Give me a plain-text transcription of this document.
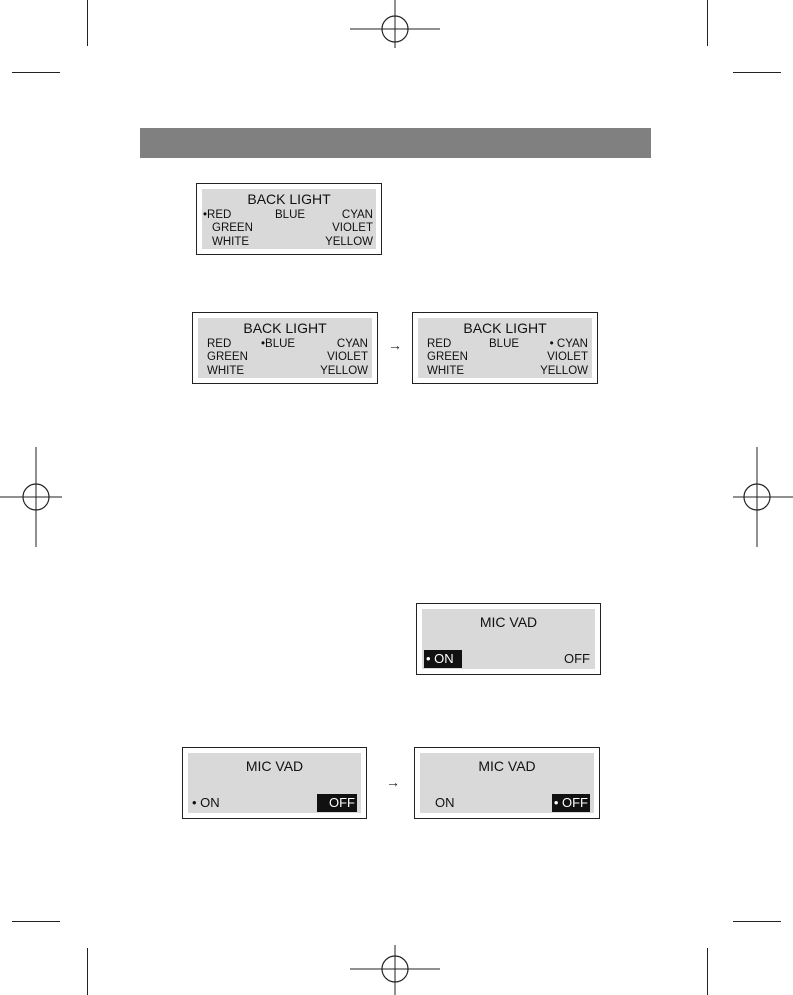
BACK LIGHT
•RED	BLUE	CYAN
GREEN	VIOLET
WHITE	YELLOW
BACK LIGHT
RED	•BLUE	CYAN
GREEN	VIOLET
WHITE	YELLOW
→
BACK LIGHT
RED	BLUE	• CYAN
GREEN	VIOLET
WHITE	YELLOW
MIC VAD
• ON	OFF
MIC VAD
• ON	OFF
→
MIC VAD
ON	• OFF
